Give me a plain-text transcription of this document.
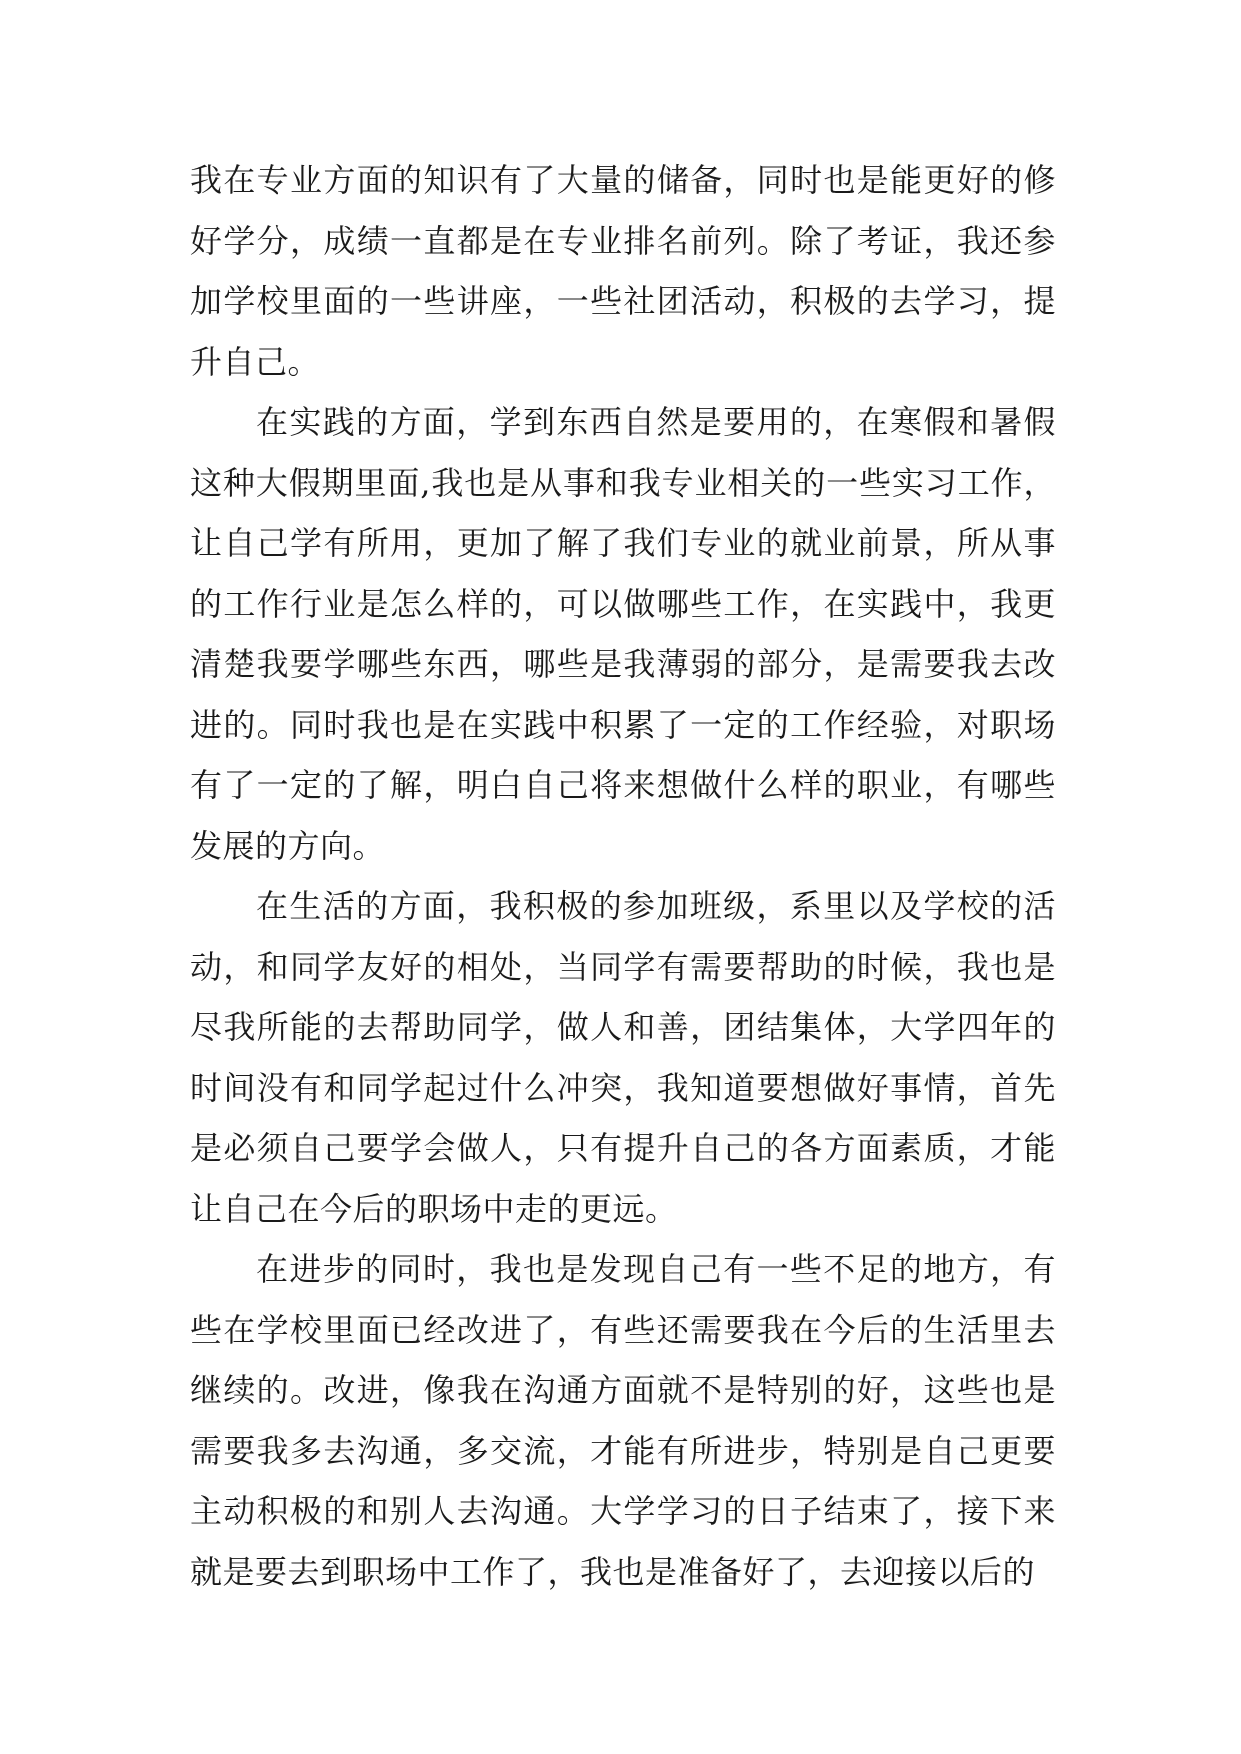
我在专业方面的知识有了大量的储备，同时也是能更好的修好学分，成绩一直都是在专业排名前列。除了考证，我还参加学校里面的一些讲座，一些社团活动，积极的去学习，提升自己。

在实践的方面，学到东西自然是要用的，在寒假和暑假这种大假期里面,我也是从事和我专业相关的一些实习工作，让自己学有所用，更加了解了我们专业的就业前景，所从事的工作行业是怎么样的，可以做哪些工作，在实践中，我更清楚我要学哪些东西，哪些是我薄弱的部分，是需要我去改进的。同时我也是在实践中积累了一定的工作经验，对职场有了一定的了解，明白自己将来想做什么样的职业，有哪些发展的方向。

在生活的方面，我积极的参加班级，系里以及学校的活动，和同学友好的相处，当同学有需要帮助的时候，我也是尽我所能的去帮助同学，做人和善，团结集体，大学四年的时间没有和同学起过什么冲突，我知道要想做好事情，首先是必须自己要学会做人，只有提升自己的各方面素质，才能让自己在今后的职场中走的更远。

在进步的同时，我也是发现自己有一些不足的地方，有些在学校里面已经改进了，有些还需要我在今后的生活里去继续的。改进，像我在沟通方面就不是特别的好，这些也是需要我多去沟通，多交流，才能有所进步，特别是自己更要主动积极的和别人去沟通。大学学习的日子结束了，接下来就是要去到职场中工作了，我也是准备好了，去迎接以后的
